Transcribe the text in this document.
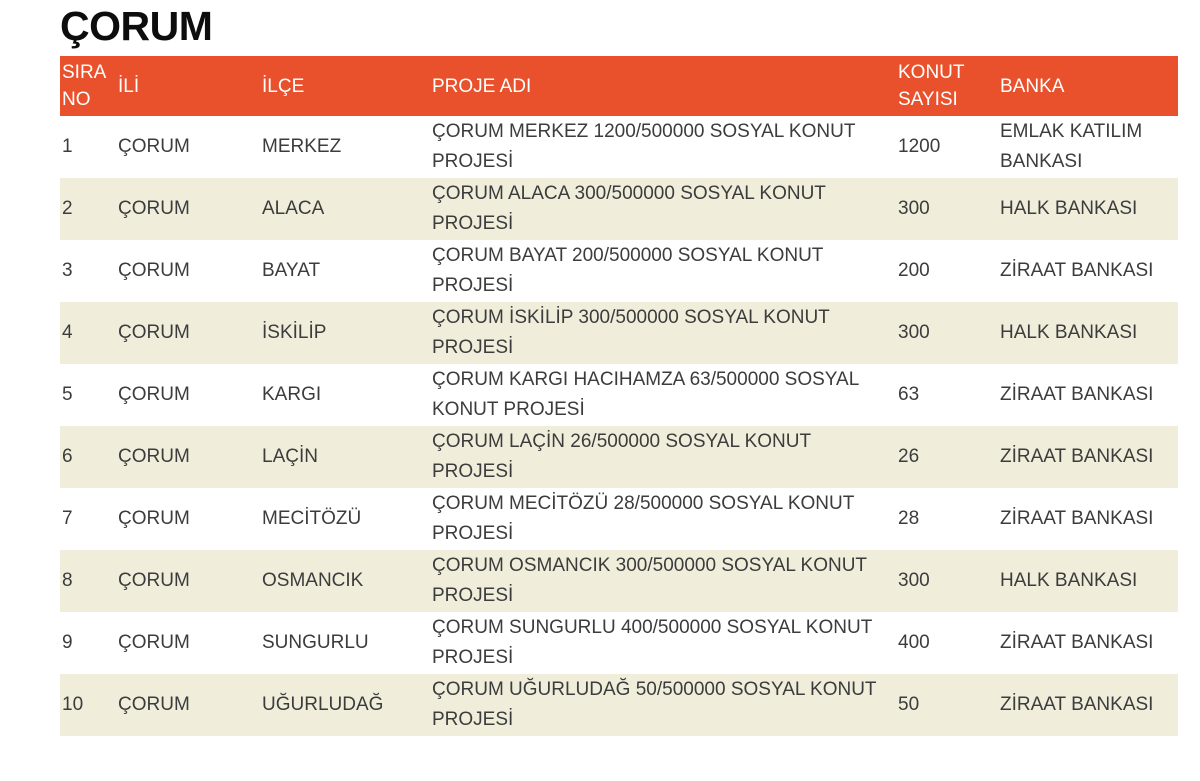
ÇORUM
SIRA NO	İLİ	İLÇE	PROJE ADI	KONUT SAYISI	BANKA
1	ÇORUM	MERKEZ	ÇORUM MERKEZ 1200/500000 SOSYAL KONUT PROJESİ	1200	EMLAK KATILIM BANKASI
2	ÇORUM	ALACA	ÇORUM ALACA 300/500000 SOSYAL KONUT PROJESİ	300	HALK BANKASI
3	ÇORUM	BAYAT	ÇORUM BAYAT 200/500000 SOSYAL KONUT PROJESİ	200	ZİRAAT BANKASI
4	ÇORUM	İSKİLİP	ÇORUM İSKİLİP 300/500000 SOSYAL KONUT PROJESİ	300	HALK BANKASI
5	ÇORUM	KARGI	ÇORUM KARGI HACIHAMZA 63/500000 SOSYAL KONUT PROJESİ	63	ZİRAAT BANKASI
6	ÇORUM	LAÇİN	ÇORUM LAÇİN 26/500000 SOSYAL KONUT PROJESİ	26	ZİRAAT BANKASI
7	ÇORUM	MECİTÖZÜ	ÇORUM MECİTÖZÜ 28/500000 SOSYAL KONUT PROJESİ	28	ZİRAAT BANKASI
8	ÇORUM	OSMANCIK	ÇORUM OSMANCIK 300/500000 SOSYAL KONUT PROJESİ	300	HALK BANKASI
9	ÇORUM	SUNGURLU	ÇORUM SUNGURLU 400/500000 SOSYAL KONUT PROJESİ	400	ZİRAAT BANKASI
10	ÇORUM	UĞURLUDAĞ	ÇORUM UĞURLUDAĞ 50/500000 SOSYAL KONUT PROJESİ	50	ZİRAAT BANKASI
